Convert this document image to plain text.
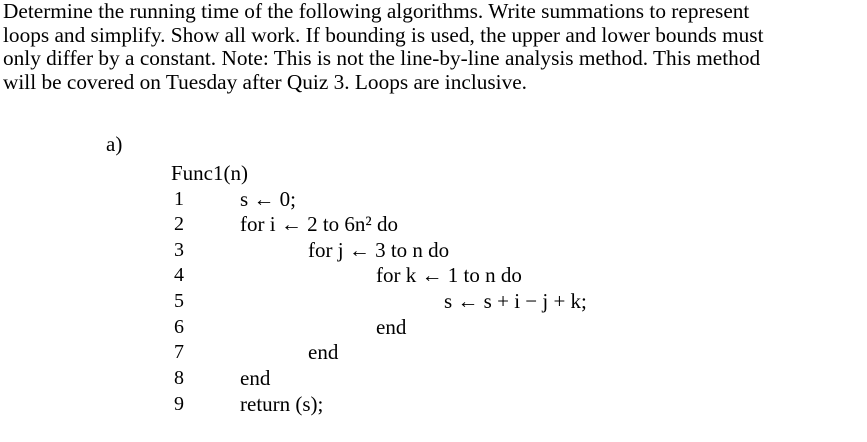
Determine the running time of the following algorithms. Write summations to represent
loops and simplify. Show all work. If bounding is used, the upper and lower bounds must
only differ by a constant. Note: This is not the line-by-line analysis method. This method
will be covered on Tuesday after Quiz 3. Loops are inclusive.
a)
Func1(n)
1	s ← 0;
2	for i ← 2 to 6n² do
3	for j ← 3 to n do
4	for k ← 1 to n do
5	s ← s + i − j + k;
6	end
7	end
8	end
9	return (s);
